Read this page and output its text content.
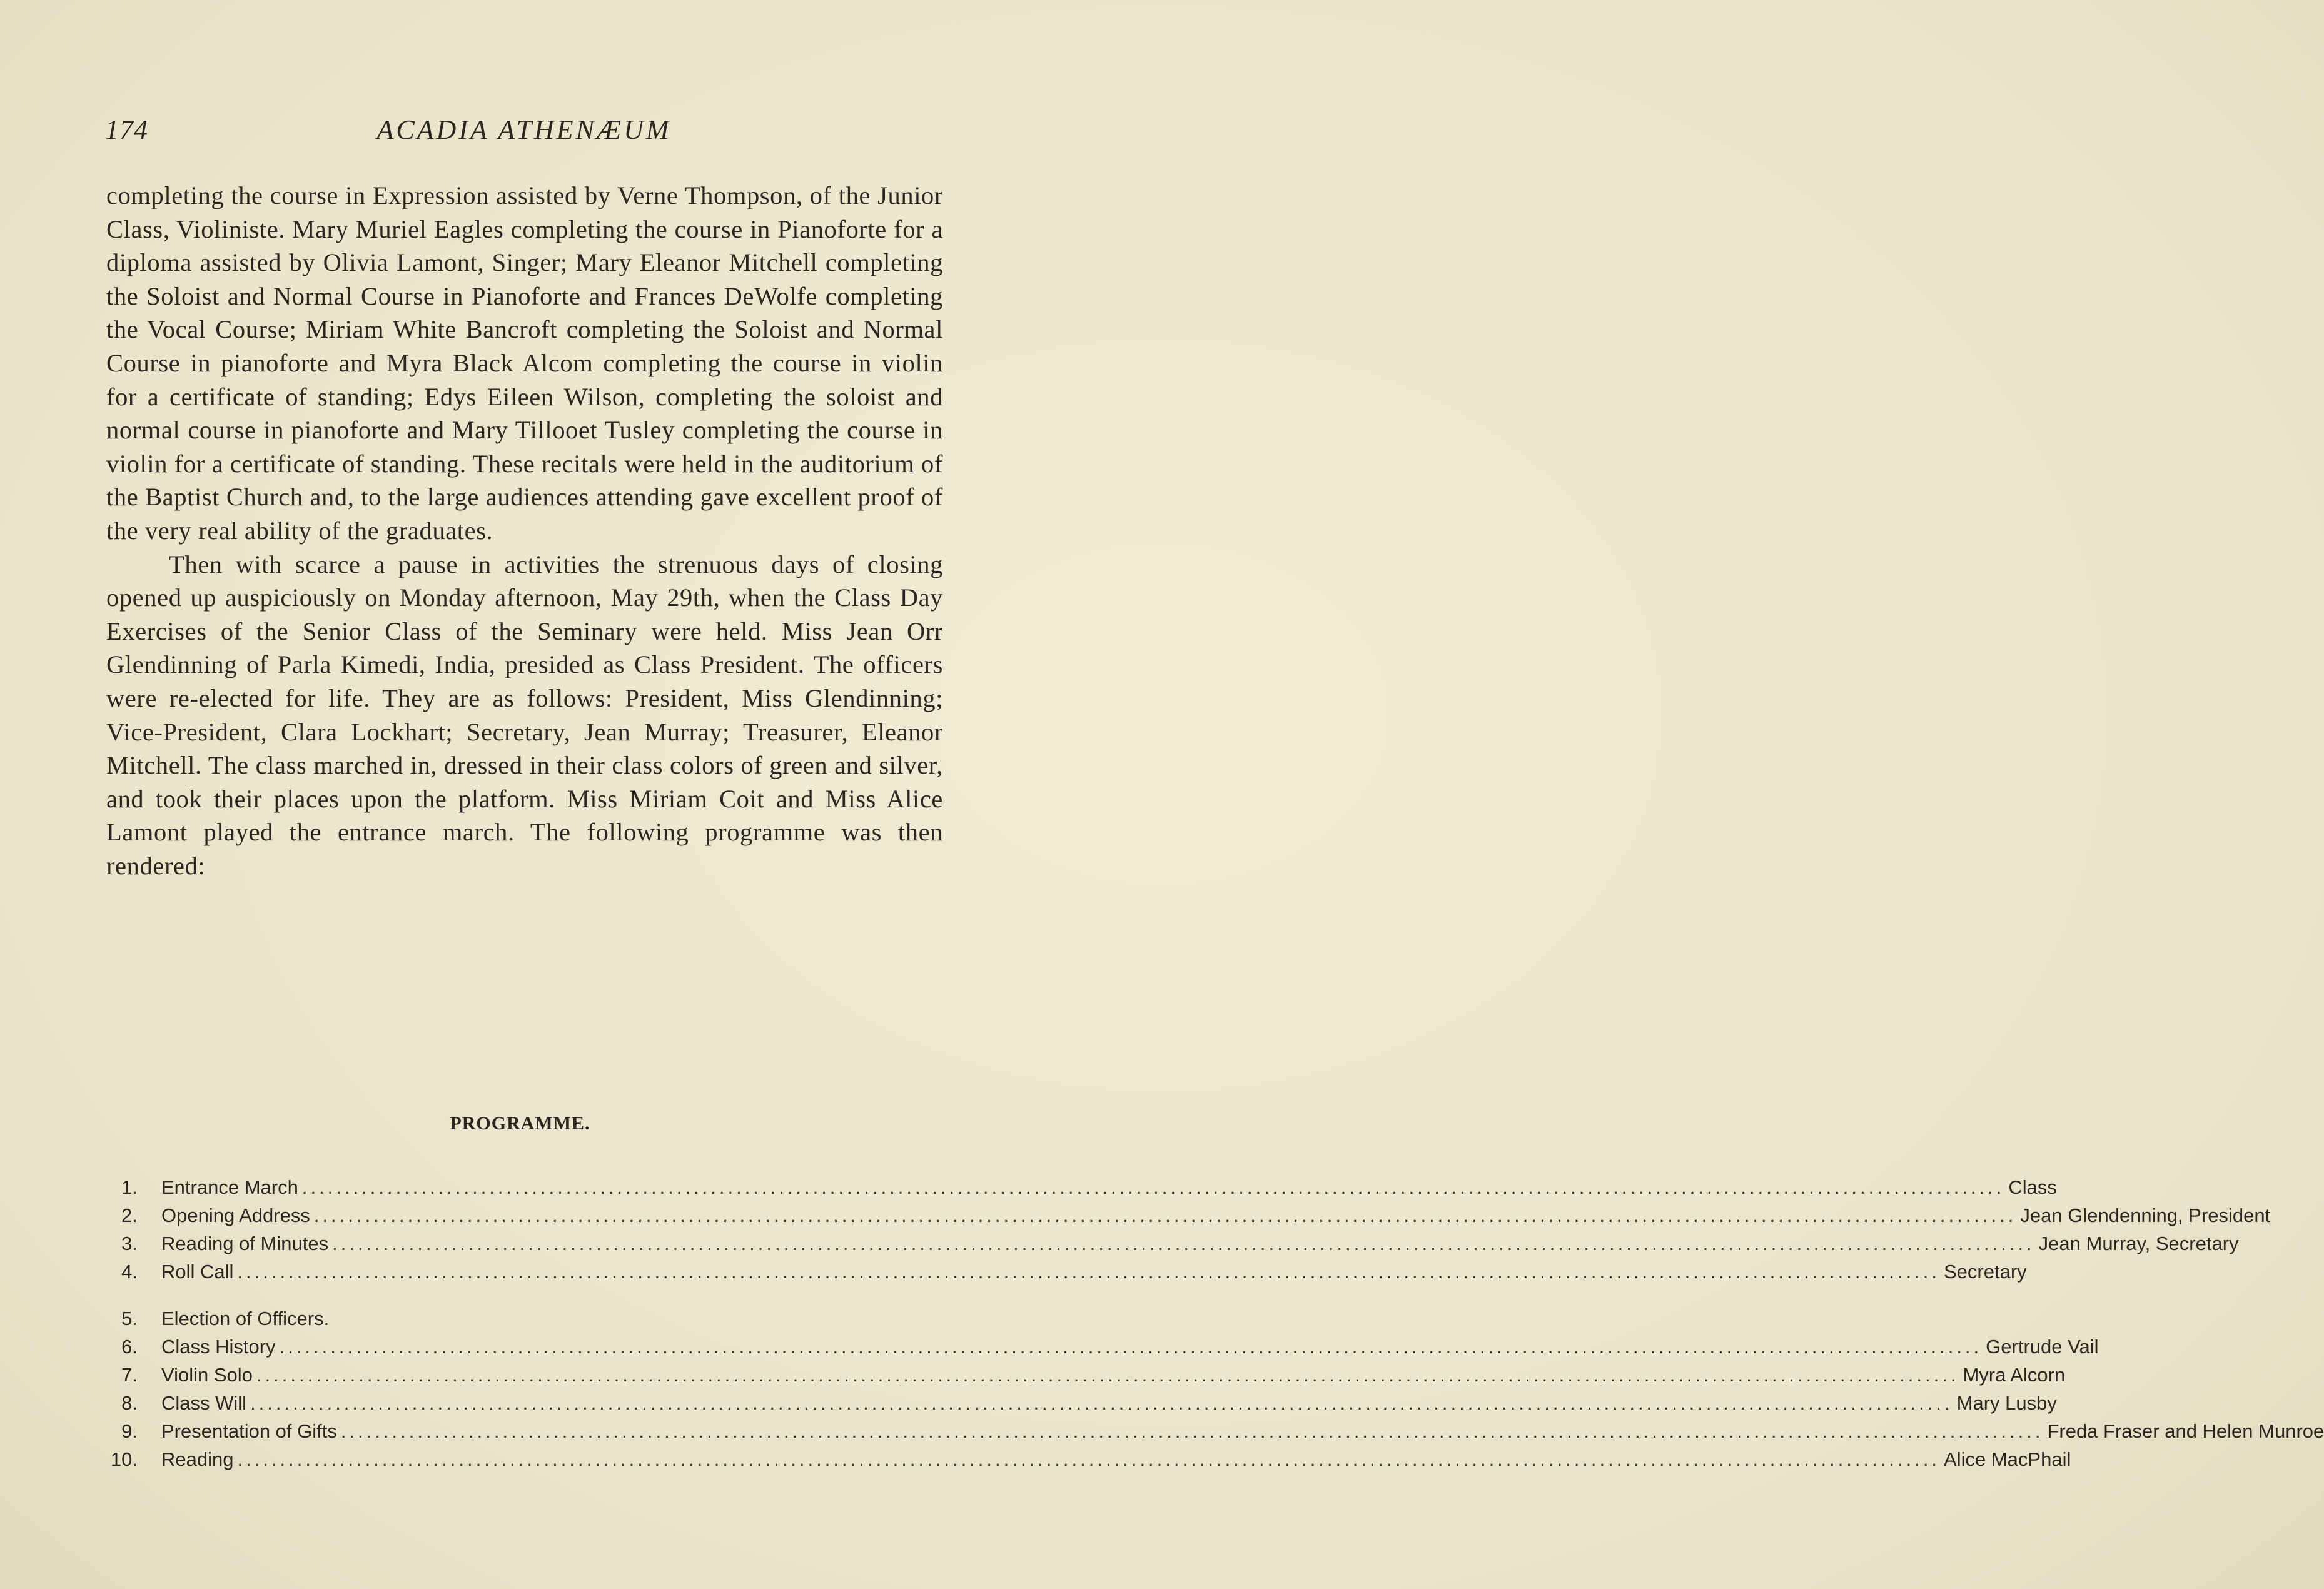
174	ACADIA ATHENÆUM

completing the course in Expression assisted by Verne Thompson, of the Junior Class, Violiniste. Mary Muriel Eagles completing the course in Pianoforte for a diploma assisted by Olivia Lamont, Singer; Mary Eleanor Mitchell completing the Soloist and Normal Course in Pianoforte and Frances DeWolfe completing the Vocal Course; Miriam White Bancroft completing the Soloist and Normal Course in pianoforte and Myra Black Alcom completing the course in violin for a certificate of standing; Edys Eileen Wilson, completing the soloist and normal course in pianoforte and Mary Tillooet Tusley completing the course in violin for a certificate of standing. These recitals were held in the auditorium of the Baptist Church and, to the large audiences attending gave excellent proof of the very real ability of the graduates.

Then with scarce a pause in activities the strenuous days of closing opened up auspiciously on Monday afternoon, May 29th, when the Class Day Exercises of the Senior Class of the Seminary were held. Miss Jean Orr Glendinning of Parla Kimedi, India, presided as Class President. The officers were re-elected for life. They are as follows: President, Miss Glendinning; Vice-President, Clara Lockhart; Secretary, Jean Murray; Treasurer, Eleanor Mitchell. The class marched in, dressed in their class colors of green and silver, and took their places upon the platform. Miss Miriam Coit and Miss Alice Lamont played the entrance march. The following programme was then rendered:

PROGRAMME.
1. Entrance March ........................................................................................................................................................................................................ Class
2. Opening Address ........................................................................................................................................................................................................ Jean Glendenning, President
3. Reading of Minutes ........................................................................................................................................................................................................ Jean Murray, Secretary
4. Roll Call ........................................................................................................................................................................................................ Secretary
5. Election of Officers.
6. Class History ........................................................................................................................................................................................................ Gertrude Vail
7. Violin Solo ........................................................................................................................................................................................................ Myra Alcorn
8. Class Will ........................................................................................................................................................................................................ Mary Lusby
9. Presentation of Gifts ........................................................................................................................................................................................................ Freda Fraser and Helen Munroe
10. Reading ........................................................................................................................................................................................................ Alice MacPhail
